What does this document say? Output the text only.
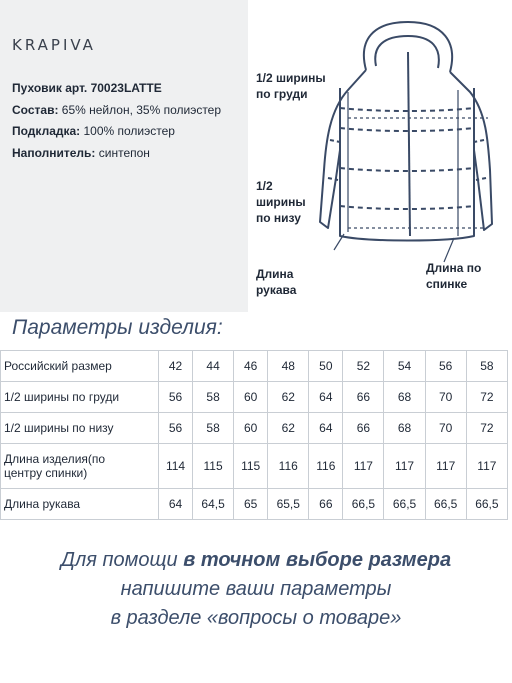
KRAPIVA
Пуховик арт. 70023LATTE
Состав: 65% нейлон, 35% полиэстер
Подкладка: 100% полиэстер
Наполнитель: синтепон
1/2 ширины
по груди
1/2
ширины
по низу
Длина
рукава
Длина по
спинке
Параметры изделия:
Российский размер	42	44	46	48	50	52	54	56	58
1/2 ширины по груди	56	58	60	62	64	66	68	70	72
1/2 ширины по низу	56	58	60	62	64	66	68	70	72
Длина изделия(по
центру спинки)	114	115	115	116	116	117	117	117	117
Длина рукава	64	64,5	65	65,5	66	66,5	66,5	66,5	66,5
Для помощи в точном выборе размера
напишите ваши параметры
в разделе «вопросы о товаре»
